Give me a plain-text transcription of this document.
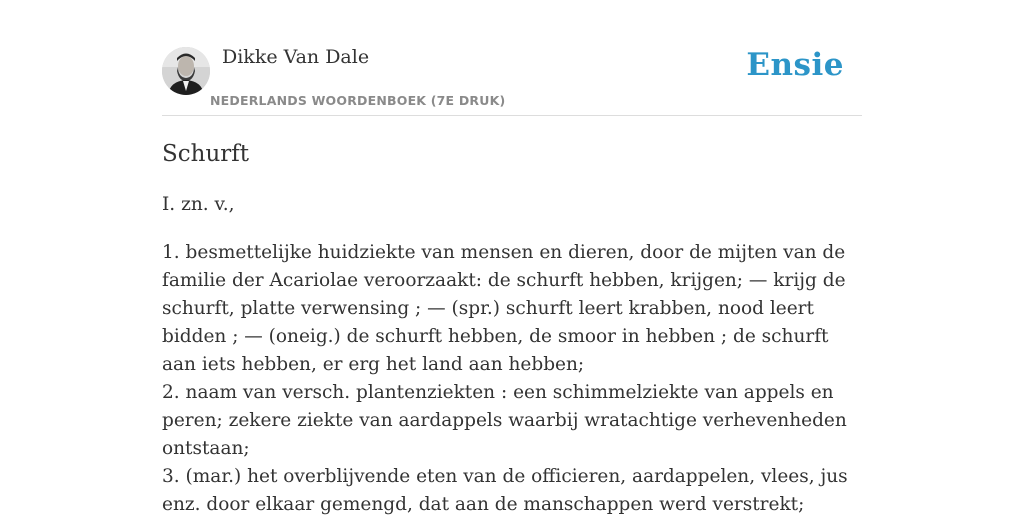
Dikke Van Dale
NEDERLANDS WOORDENBOEK (7E DRUK)
Ensie
Schurft

I. zn. v.,

1. besmettelijke huidziekte van mensen en dieren, door de mijten van de familie der Acariolae veroorzaakt: de schurft hebben, krijgen; — krijg de schurft, platte verwensing ; — (spr.) schurft leert krabben, nood leert bidden ; — (oneig.) de schurft hebben, de smoor in hebben ; de schurft aan iets hebben, er erg het land aan hebben;
2. naam van versch. plantenziekten : een schimmelziekte van appels en peren; zekere ziekte van aardappels waarbij wratachtige verhevenheden ontstaan;
3. (mar.) het overblijvende eten van de officieren, aardappelen, vlees, jus enz. door elkaar gemengd, dat aan de manschappen werd verstrekt;
